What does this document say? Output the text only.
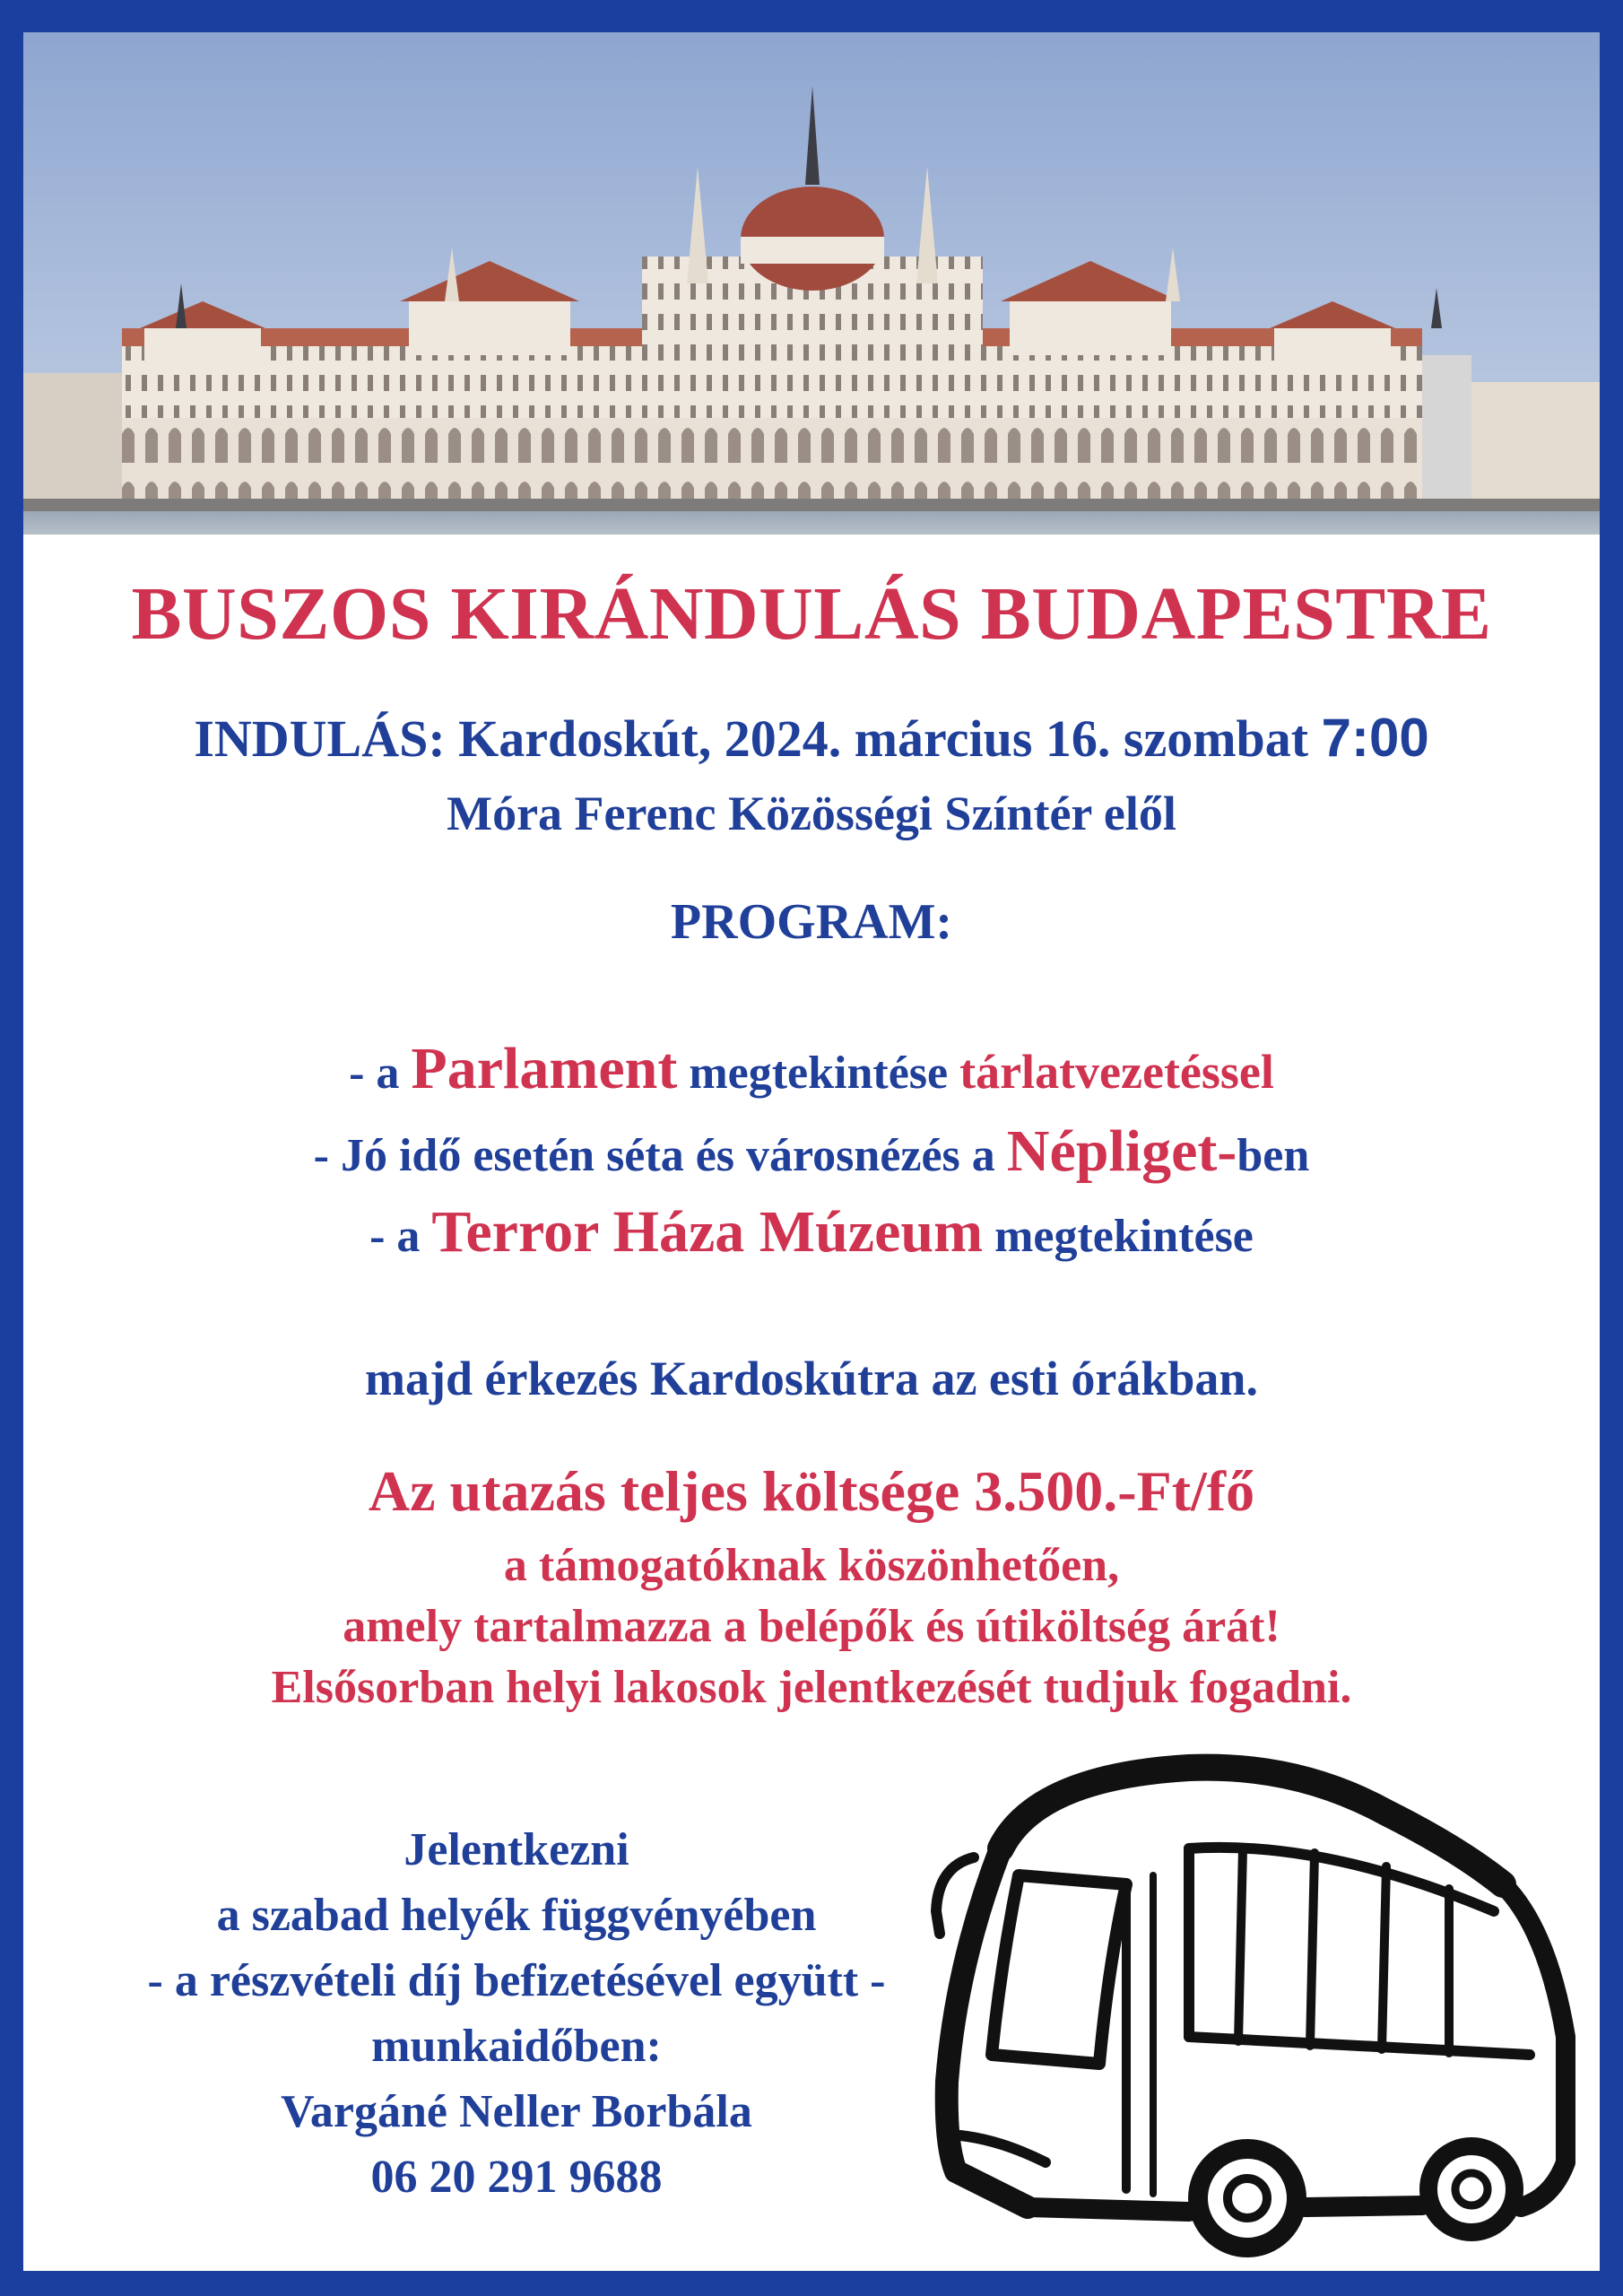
BUSZOS KIRÁNDULÁS BUDAPESTRE
INDULÁS: Kardoskút, 2024. március 16. szombat 7:00
Móra Ferenc Közösségi Színtér elől
PROGRAM:
- a Parlament megtekintése tárlatvezetéssel
- Jó idő esetén séta és városnézés a Népliget-ben
- a Terror Háza Múzeum megtekintése
majd érkezés Kardoskútra az esti órákban.
Az utazás teljes költsége 3.500.-Ft/fő
a támogatóknak köszönhetően,
amely tartalmazza a belépők és útiköltség árát!
Elsősorban helyi lakosok jelentkezését tudjuk fogadni.
Jelentkezni
a szabad helyék függvényében
- a részvételi díj befizetésével együtt -
munkaidőben:
Vargáné Neller Borbála
06 20 291 9688
